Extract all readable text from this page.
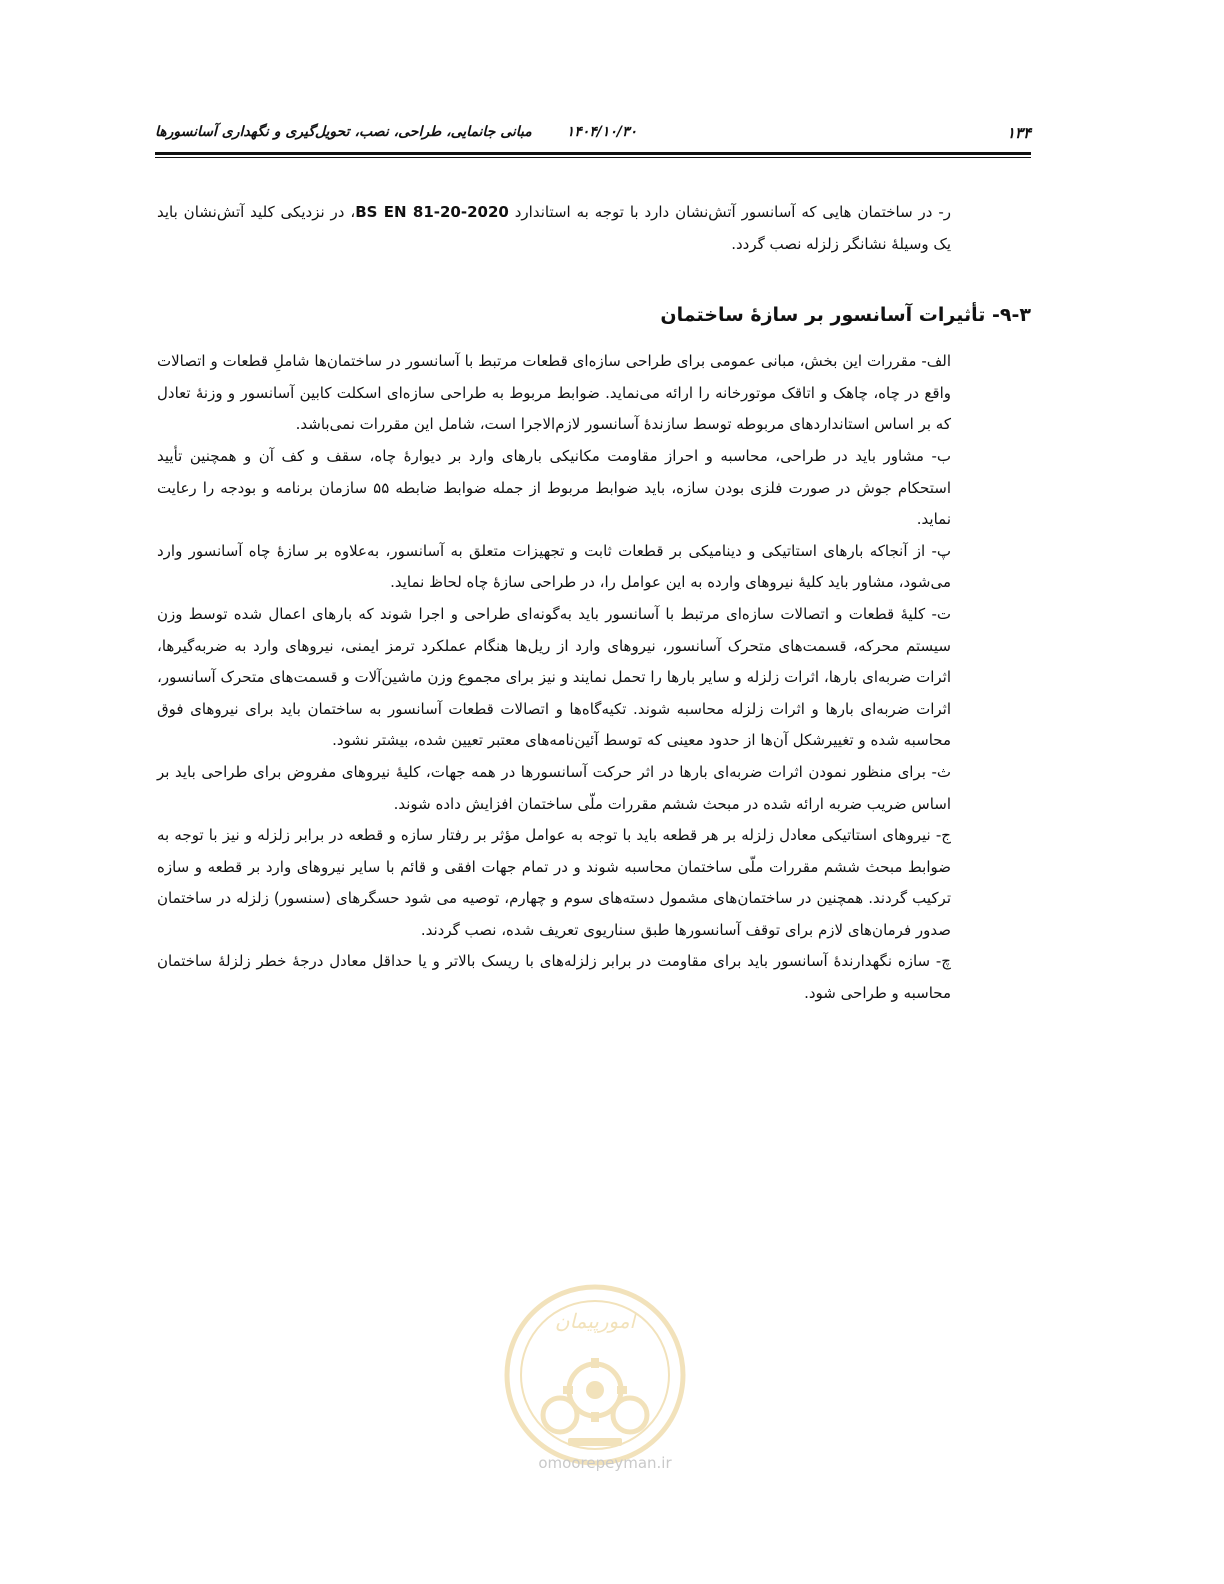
۱۳۴
۱۴۰۴/۱۰/۳۰ مبانی جانمایی، طراحی، نصب، تحویل‌گیری و نگهداری آسانسورها

ر- در ساختمان هایی که آسانسور آتش‌نشان دارد با توجه به استاندارد BS EN 81-20-2020، در نزدیکی کلید آتش‌نشان باید یک وسیلهٔ نشانگر زلزله نصب گردد.

۹-۳- تأثیرات آسانسور بر سازهٔ ساختمان

الف- مقررات این بخش، مبانی عمومی برای طراحی سازه‌ای قطعات مرتبط با آسانسور در ساختمان‌ها شاملِ قطعات و اتصالات واقع در چاه، چاهک و اتاقک موتورخانه را ارائه می‌نماید. ضوابط مربوط به طراحی سازه‌ای اسکلت کابین آسانسور و وزنهٔ تعادل که بر اساس استانداردهای مربوطه توسط سازندهٔ آسانسور لازم‌الاجرا است، شامل این مقررات نمی‌باشد.

ب- مشاور باید در طراحی، محاسبه و احراز مقاومت مکانیکی بارهای وارد بر دیوارهٔ چاه، سقف و کف آن و همچنین تأیید استحکام جوش در صورت فلزی بودن سازه، باید ضوابط مربوط از جمله ضوابط ضابطه ۵۵ سازمان برنامه و بودجه را رعایت نماید.

پ- از آنجاکه بارهای استاتیکی و دینامیکی بر قطعات ثابت و تجهیزات متعلق به آسانسور، به‌علاوه بر سازهٔ چاه آسانسور وارد می‌شود، مشاور باید کلیهٔ نیروهای وارده به این عوامل را، در طراحی سازهٔ چاه لحاظ نماید.

ت- کلیهٔ قطعات و اتصالات سازه‌ای مرتبط با آسانسور باید به‌گونه‌ای طراحی و اجرا شوند که بارهای اعمال شده توسط وزن سیستم محرکه، قسمت‌های متحرک آسانسور، نیروهای وارد از ریل‌ها هنگام عملکرد ترمز ایمنی، نیروهای وارد به ضربه‌گیرها، اثرات ضربه‌ای بارها، اثرات زلزله و سایر بارها را تحمل نمایند و نیز برای مجموع وزن ماشین‌آلات و قسمت‌های متحرک آسانسور، اثرات ضربه‌ای بارها و اثرات زلزله محاسبه شوند. تکیه‌گاه‌ها و اتصالات قطعات آسانسور به ساختمان باید برای نیروهای فوق محاسبه شده و تغییرشکل آن‌ها از حدود معینی که توسط آئین‌نامه‌های معتبر تعیین شده، بیشتر نشود.

ث- برای منظور نمودن اثرات ضربه‌ای بارها در اثر حرکت آسانسورها در همه جهات، کلیهٔ نیروهای مفروض برای طراحی باید بر اساس ضریب ضربه ارائه شده در مبحث ششم مقررات ملّی ساختمان افزایش داده شوند.

ج- نیروهای استاتیکی معادل زلزله بر هر قطعه باید با توجه به عوامل مؤثر بر رفتار سازه و قطعه در برابر زلزله و نیز با توجه به ضوابط مبحث ششم مقررات ملّی ساختمان محاسبه شوند و در تمام جهات افقی و قائم با سایر نیروهای وارد بر قطعه و سازه ترکیب گردند. همچنین در ساختمان‌های مشمول دسته‌های سوم و چهارم، توصیه می شود حسگرهای (سنسور) زلزله در ساختمان صدور فرمان‌های لازم برای توقف آسانسورها طبق سناریوی تعریف شده، نصب گردند.

چ- سازه نگهدارندهٔ آسانسور باید برای مقاومت در برابر زلزله‌های با ریسک بالاتر و یا حداقل معادل درجهٔ خطر زلزلهٔ ساختمان محاسبه و طراحی شود.

امورپیمان
omoorepeyman.ir
